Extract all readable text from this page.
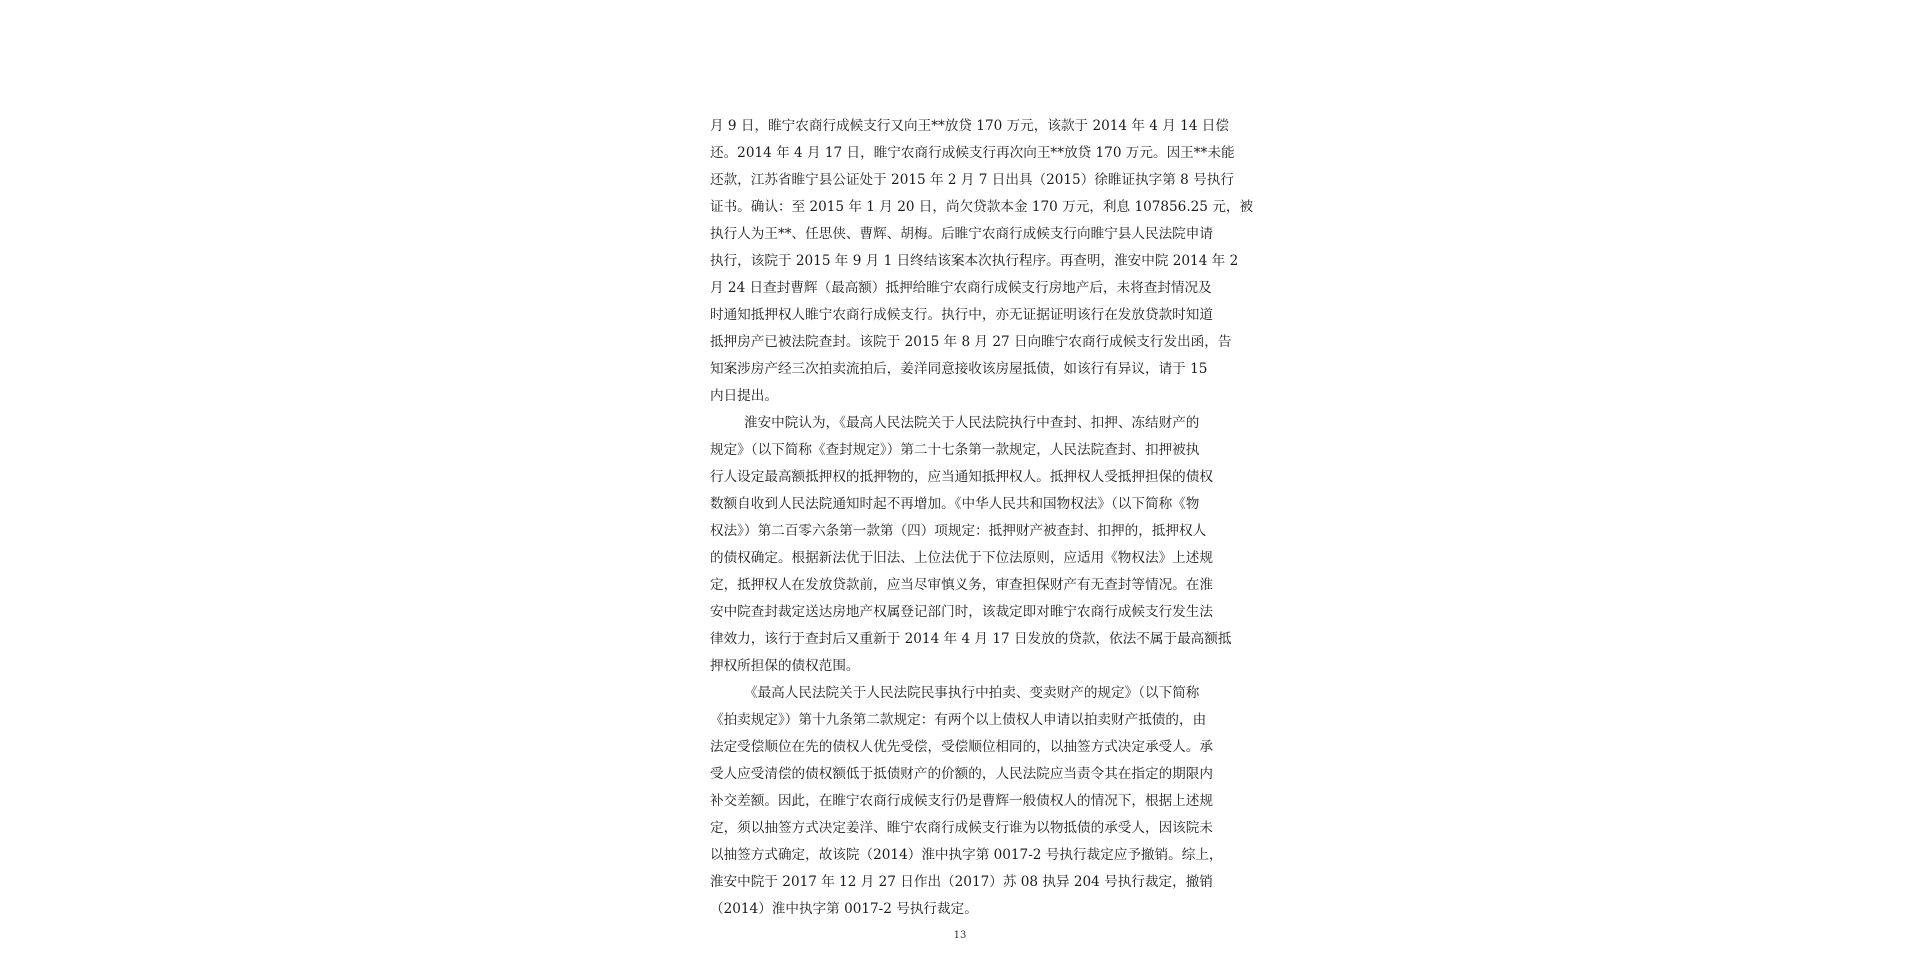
月 9 日，睢宁农商行成候支行又向王**放贷 170 万元，该款于 2014 年 4 月 14 日偿
还。2014 年 4 月 17 日，睢宁农商行成候支行再次向王**放贷 170 万元。因王**未能
还款，江苏省睢宁县公证处于 2015 年 2 月 7 日出具（2015）徐睢证执字第 8 号执行
证书。确认：至 2015 年 1 月 20 日，尚欠贷款本金 170 万元，利息 107856.25 元，被
执行人为王**、任思侠、曹辉、胡梅。后睢宁农商行成候支行向睢宁县人民法院申请
执行，该院于 2015 年 9 月 1 日终结该案本次执行程序。再查明，淮安中院 2014 年 2
月 24 日查封曹辉（最高额）抵押给睢宁农商行成候支行房地产后，未将查封情况及
时通知抵押权人睢宁农商行成候支行。执行中，亦无证据证明该行在发放贷款时知道
抵押房产已被法院查封。该院于 2015 年 8 月 27 日向睢宁农商行成候支行发出函，告
知案涉房产经三次拍卖流拍后，姜洋同意接收该房屋抵债，如该行有异议，请于 15
内日提出。
淮安中院认为，《最高人民法院关于人民法院执行中查封、扣押、冻结财产的
规定》（以下简称《查封规定》）第二十七条第一款规定，人民法院查封、扣押被执
行人设定最高额抵押权的抵押物的，应当通知抵押权人。抵押权人受抵押担保的债权
数额自收到人民法院通知时起不再增加。《中华人民共和国物权法》（以下简称《物
权法》）第二百零六条第一款第（四）项规定：抵押财产被查封、扣押的，抵押权人
的债权确定。根据新法优于旧法、上位法优于下位法原则，应适用《物权法》上述规
定，抵押权人在发放贷款前，应当尽审慎义务，审查担保财产有无查封等情况。在淮
安中院查封裁定送达房地产权属登记部门时，该裁定即对睢宁农商行成候支行发生法
律效力，该行于查封后又重新于 2014 年 4 月 17 日发放的贷款，依法不属于最高额抵
押权所担保的债权范围。
《最高人民法院关于人民法院民事执行中拍卖、变卖财产的规定》（以下简称
《拍卖规定》）第十九条第二款规定：有两个以上债权人申请以拍卖财产抵债的，由
法定受偿顺位在先的债权人优先受偿，受偿顺位相同的，以抽签方式决定承受人。承
受人应受清偿的债权额低于抵债财产的价额的，人民法院应当责令其在指定的期限内
补交差额。因此，在睢宁农商行成候支行仍是曹辉一般债权人的情况下，根据上述规
定，须以抽签方式决定姜洋、睢宁农商行成候支行谁为以物抵债的承受人，因该院未
以抽签方式确定，故该院（2014）淮中执字第 0017-2 号执行裁定应予撤销。综上，
淮安中院于 2017 年 12 月 27 日作出（2017）苏 08 执异 204 号执行裁定，撤销
（2014）淮中执字第 0017-2 号执行裁定。
13
